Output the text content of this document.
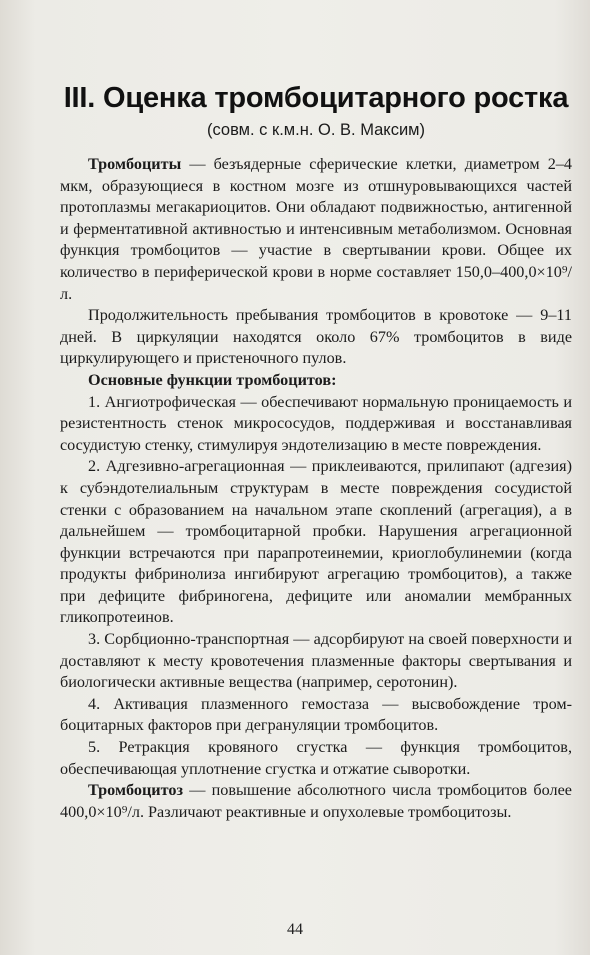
III. Оценка тромбоцитарного ростка
(совм. с к.м.н. О. В. Максим)

Тромбоциты — безъядерные сферические клетки, диаметром 2–4 мкм, образующиеся в костном мозге из отшнуровывающихся частей протоплазмы мегакариоцитов. Они обладают подвижностью, антигенной и ферментативной активностью и интенсивным метаболизмом. Основная функция тромбоцитов — участие в свертывании крови. Общее их количество в периферической крови в норме составляет 150,0–400,0×10⁹/л.

Продолжительность пребывания тромбоцитов в кровотоке — 9–11 дней. В циркуляции находятся около 67% тромбоцитов в виде циркулирующего и пристеночного пулов.

Основные функции тромбоцитов:

1. Ангиотрофическая — обеспечивают нормальную проницаемость и резистентность стенок микрососудов, поддерживая и восстанавливая сосудистую стенку, стимулируя эндотелизацию в месте повреждения.

2. Адгезивно-агрегационная — приклеиваются, прилипают (адгезия) к субэндотелиальным структурам в месте повреждения сосудистой стенки с образованием на начальном этапе скоплений (агрегация), а в дальнейшем — тромбоцитарной пробки. Нарушения агрегационной функции встречаются при парапротеинемии, криоглобулинемии (когда продукты фибринолиза ингибируют агрегацию тромбоцитов), а также при дефиците фибриногена, дефиците или аномалии мембранных гликопротеинов.

3. Сорбционно-транспортная — адсорбируют на своей поверхности и доставляют к месту кровотечения плазменные факторы свертывания и биологически активные вещества (например, серотонин).

4. Активация плазменного гемостаза — высвобождение тромбоцитарных факторов при дегрануляции тромбоцитов.

5. Ретракция кровяного сгустка — функция тромбоцитов, обеспечивающая уплотнение сгустка и отжатие сыворотки.

Тромбоцитоз — повышение абсолютного числа тромбоцитов более 400,0×10⁹/л. Различают реактивные и опухолевые тромбоцитозы.

44
